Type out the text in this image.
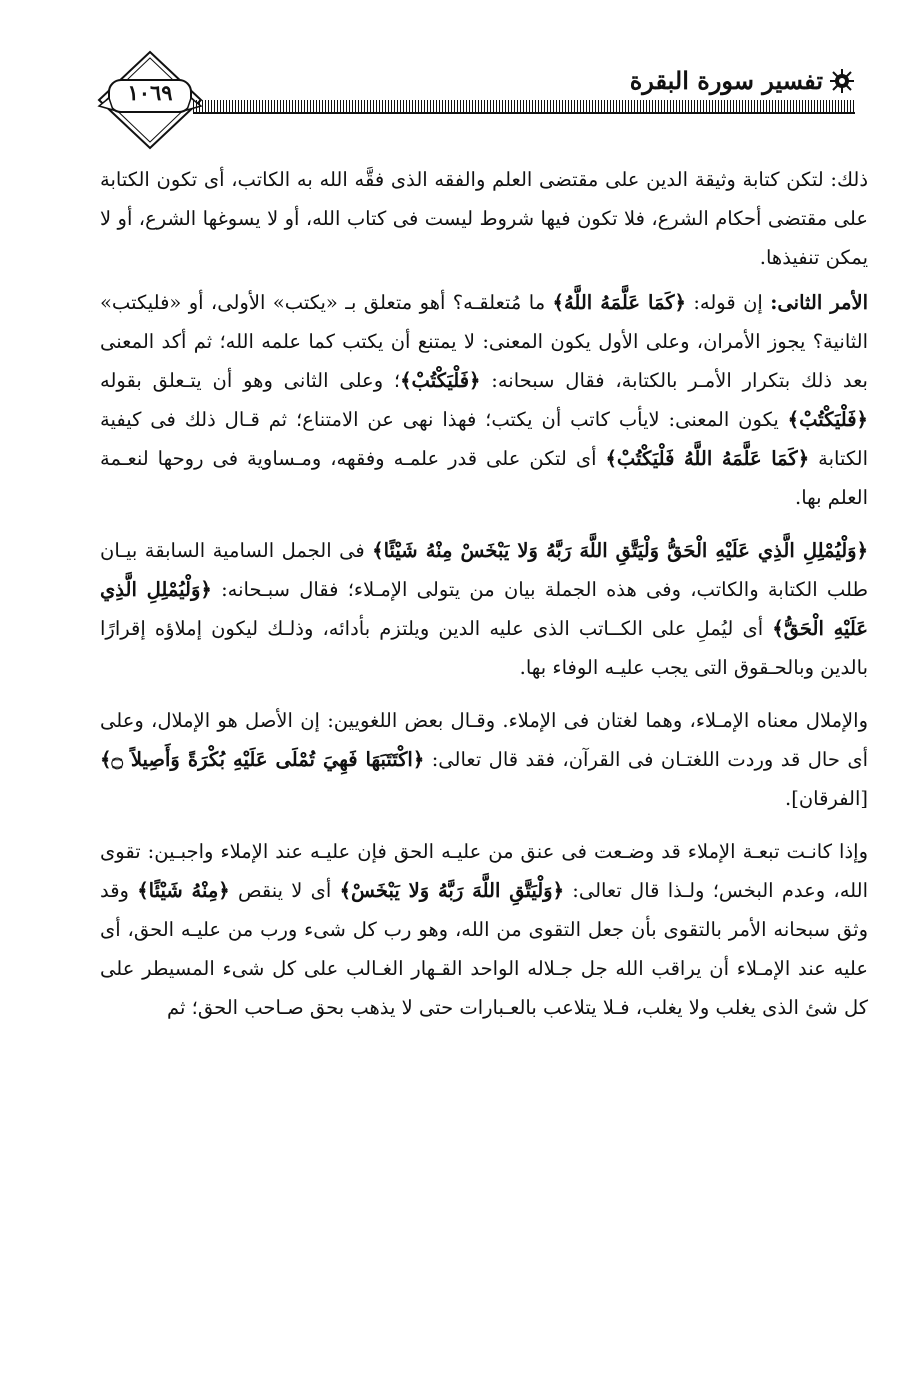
١٠٦٩	تفسير سورة البقرة

ذلك: لتكن كتابة وثيقة الدين على مقتضى العلم والفقه الذى فقَّه الله به الكاتب، أى تكون الكتابة على مقتضى أحكام الشرع، فلا تكون فيها شروط ليست فى كتاب الله، أو لا يسوغها الشرع، أو لا يمكن تنفيذها.

الأمر الثانى: إن قوله: ﴿كَمَا عَلَّمَهُ اللَّهُ﴾ ما مُتعلقـه؟ أهو متعلق بـ «يكتب» الأولى، أو «فليكتب» الثانية؟ يجوز الأمران، وعلى الأول يكون المعنى: لا يمتنع أن يكتب كما علمه الله؛ ثم أكد المعنى بعد ذلك بتكرار الأمـر بالكتابة، فقال سبحانه: ﴿فَلْيَكْتُبْ﴾؛ وعلى الثانى وهو أن يتـعلق بقوله ﴿فَلْيَكْتُبْ﴾ يكون المعنى: لايأب كاتب أن يكتب؛ فهذا نهى عن الامتناع؛ ثم قـال ذلك فى كيفية الكتابة ﴿كَمَا عَلَّمَهُ اللَّهُ فَلْيَكْتُبْ﴾ أى لتكن على قدر علمـه وفقهه، ومـساوية فى روحها لنعـمة العلم بها.

﴿وَلْيُمْلِلِ الَّذِي عَلَيْهِ الْحَقُّ وَلْيَتَّقِ اللَّهَ رَبَّهُ وَلا يَبْخَسْ مِنْهُ شَيْئًا﴾ فى الجمل السامية السابقة بيـان طلب الكتابة والكاتب، وفى هذه الجملة بيان من يتولى الإمـلاء؛ فقال سبـحانه: ﴿وَلْيُمْلِلِ الَّذِي عَلَيْهِ الْحَقُّ﴾ أى ليُملِ على الكــاتب الذى عليه الدين ويلتزم بأدائه، وذلـك ليكون إملاؤه إقرارًا بالدين وبالحـقوق التى يجب عليـه الوفاء بها.

والإملال معناه الإمـلاء، وهما لغتان فى الإملاء. وقـال بعض اللغويين: إن الأصل هو الإملال، وعلى أى حال قد وردت اللغتـان فى القرآن، فقد قال تعالى: ﴿اكْتَتَبَهَا فَهِيَ تُمْلَى عَلَيْهِ بُكْرَةً وَأَصِيلاً ۝﴾ [الفرقان].

وإذا كانـت تبعـة الإملاء قد وضـعت فى عنق من عليـه الحق فإن عليـه عند الإملاء واجبـين: تقوى الله، وعدم البخس؛ ولـذا قال تعالى: ﴿وَلْيَتَّقِ اللَّهَ رَبَّهُ وَلا يَبْخَسْ﴾ أى لا ينقص ﴿مِنْهُ شَيْئًا﴾ وقد وثق سبحانه الأمر بالتقوى بأن جعل التقوى من الله، وهو رب كل شىء ورب من عليـه الحق، أى عليه عند الإمـلاء أن يراقب الله جل جـلاله الواحد القـهار الغـالب على كل شىء المسيطر على كل شئ الذى يغلب ولا يغلب، فـلا يتلاعب بالعـبارات حتى لا يذهب بحق صـاحب الحق؛ ثم
